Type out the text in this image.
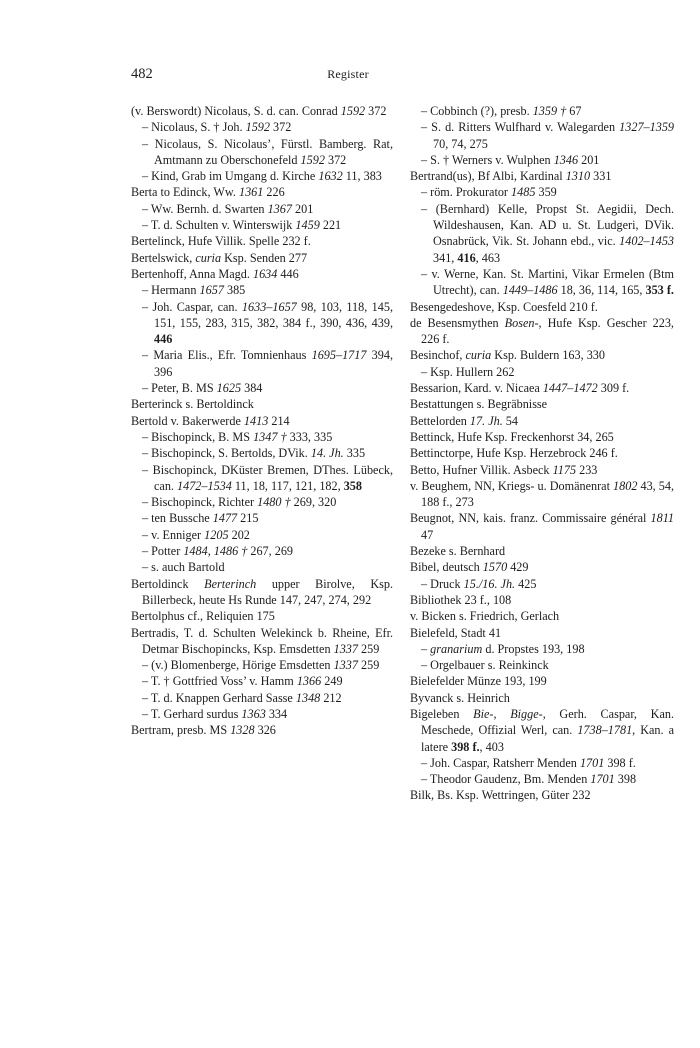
482	Register
(v. Berswordt) Nicolaus, S. d. can. Conrad 1592 372
– Nicolaus, S. † Joh. 1592 372
– Nicolaus, S. Nicolaus’, Fürstl. Bamberg. Rat, Amtmann zu Oberschonefeld 1592 372
– Kind, Grab im Umgang d. Kirche 1632 11, 383
Berta to Edinck, Ww. 1361 226
– Ww. Bernh. d. Swarten 1367 201
– T. d. Schulten v. Winterswijk 1459 221
Bertelinck, Hufe Villik. Spelle 232 f.
Bertelswick, curia Ksp. Senden 277
Bertenhoff, Anna Magd. 1634 446
– Hermann 1657 385
– Joh. Caspar, can. 1633–1657 98, 103, 118, 145, 151, 155, 283, 315, 382, 384 f., 390, 436, 439, 446
– Maria Elis., Efr. Tomnienhaus 1695–1717 394, 396
– Peter, B. MS 1625 384
Berterinck s. Bertoldinck
Bertold v. Bakerwerde 1413 214
– Bischopinck, B. MS 1347 † 333, 335
– Bischopinck, S. Bertolds, DVik. 14. Jh. 335
– Bischopinck, DKüster Bremen, DThes. Lübeck, can. 1472–1534 11, 18, 117, 121, 182, 358
– Bischopinck, Richter 1480 † 269, 320
– ten Bussche 1477 215
– v. Enniger 1205 202
– Potter 1484, 1486 † 267, 269
– s. auch Bartold
Bertoldinck Berterinch upper Birolve, Ksp. Billerbeck, heute Hs Runde 147, 247, 274, 292
Bertolphus cf., Reliquien 175
Bertradis, T. d. Schulten Welekinck b. Rheine, Efr. Detmar Bischopincks, Ksp. Emsdetten 1337 259
– (v.) Blomenberge, Hörige Emsdetten 1337 259
– T. † Gottfried Voss’ v. Hamm 1366 249
– T. d. Knappen Gerhard Sasse 1348 212
– T. Gerhard surdus 1363 334
Bertram, presb. MS 1328 326
– Cobbinch (?), presb. 1359 † 67
– S. d. Ritters Wulfhard v. Walegarden 1327–1359 70, 74, 275
– S. † Werners v. Wulphen 1346 201
Bertrand(us), Bf Albi, Kardinal 1310 331
– röm. Prokurator 1485 359
– (Bernhard) Kelle, Propst St. Aegidii, Dech. Wildeshausen, Kan. AD u. St. Ludgeri, DVik. Osnabrück, Vik. St. Johann ebd., vic. 1402–1453 341, 416, 463
– v. Werne, Kan. St. Martini, Vikar Ermelen (Btm Utrecht), can. 1449–1486 18, 36, 114, 165, 353 f.
Besengedeshove, Ksp. Coesfeld 210 f.
de Besensmythen Bosen-, Hufe Ksp. Gescher 223, 226 f.
Besinchof, curia Ksp. Buldern 163, 330
– Ksp. Hullern 262
Bessarion, Kard. v. Nicaea 1447–1472 309 f.
Bestattungen s. Begräbnisse
Bettelorden 17. Jh. 54
Bettinck, Hufe Ksp. Freckenhorst 34, 265
Bettinctorpe, Hufe Ksp. Herzebrock 246 f.
Betto, Hufner Villik. Asbeck 1175 233
v. Beughem, NN, Kriegs- u. Domänenrat 1802 43, 54, 188 f., 273
Beugnot, NN, kais. franz. Commissaire général 1811 47
Bezeke s. Bernhard
Bibel, deutsch 1570 429
– Druck 15./16. Jh. 425
Bibliothek 23 f., 108
v. Bicken s. Friedrich, Gerlach
Bielefeld, Stadt 41
– granarium d. Propstes 193, 198
– Orgelbauer s. Reinkinck
Bielefelder Münze 193, 199
Byvanck s. Heinrich
Bigeleben Bie-, Bigge-, Gerh. Caspar, Kan. Meschede, Offizial Werl, can. 1738–1781, Kan. a latere 398 f., 403
– Joh. Caspar, Ratsherr Menden 1701 398 f.
– Theodor Gaudenz, Bm. Menden 1701 398
Bilk, Bs. Ksp. Wettringen, Güter 232
